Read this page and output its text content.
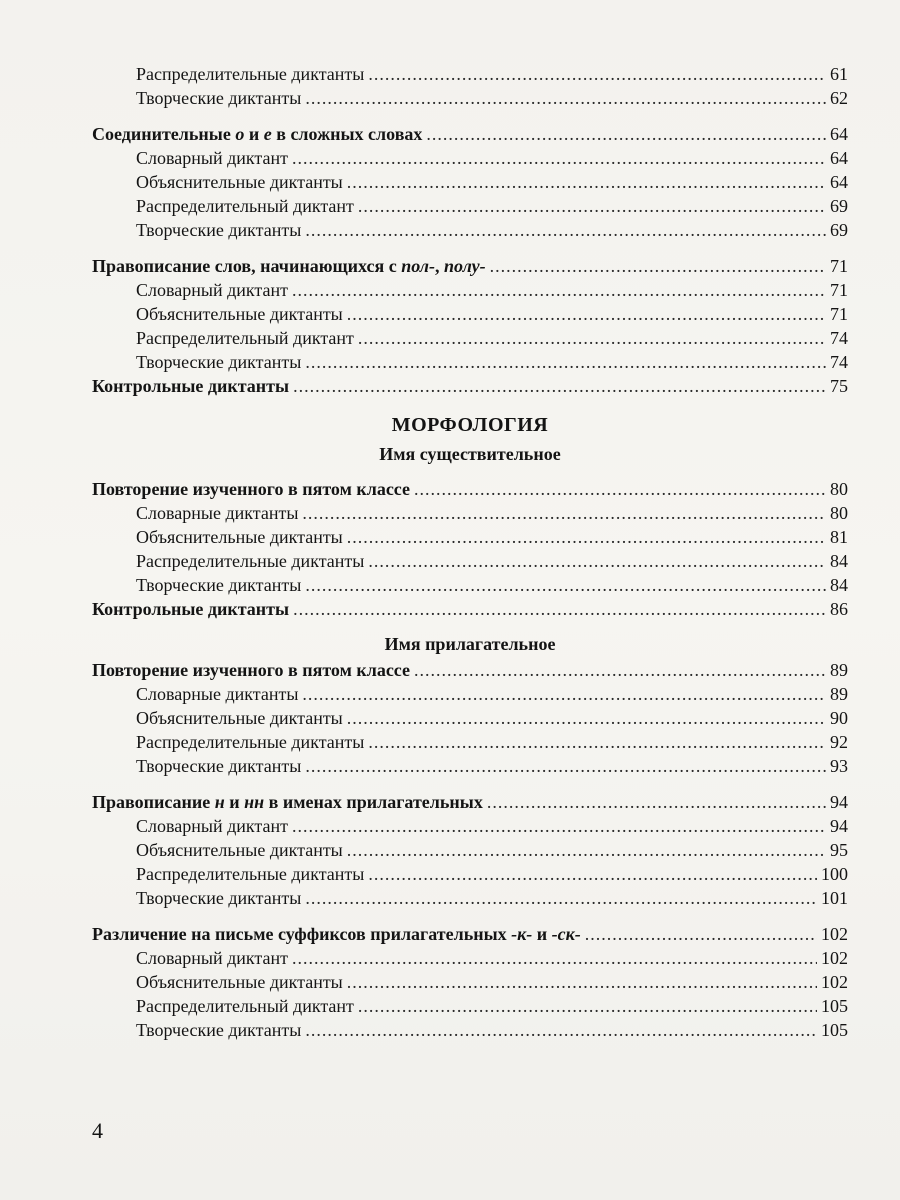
Распределительные диктанты .....	61
Творческие диктанты .....	62
Соединительные о и е в сложных словах .....	64
Словарный диктант .....	64
Объяснительные диктанты .....	64
Распределительный диктант .....	69
Творческие диктанты .....	69
Правописание слов, начинающихся с пол-, полу- .....	71
Словарный диктант .....	71
Объяснительные диктанты .....	71
Распределительный диктант .....	74
Творческие диктанты .....	74
Контрольные диктанты .....	75
МОРФОЛОГИЯ
Имя существительное
Повторение изученного в пятом классе .....	80
Словарные диктанты .....	80
Объяснительные диктанты .....	81
Распределительные диктанты .....	84
Творческие диктанты .....	84
Контрольные диктанты .....	86
Имя прилагательное
Повторение изученного в пятом классе .....	89
Словарные диктанты .....	89
Объяснительные диктанты .....	90
Распределительные диктанты .....	92
Творческие диктанты .....	93
Правописание н и нн в именах прилагательных .....	94
Словарный диктант .....	94
Объяснительные диктанты .....	95
Распределительные диктанты .....	100
Творческие диктанты .....	101
Различение на письме суффиксов прилагательных -к- и -ск- .....	102
Словарный диктант .....	102
Объяснительные диктанты .....	102
Распределительный диктант .....	105
Творческие диктанты .....	105
4
